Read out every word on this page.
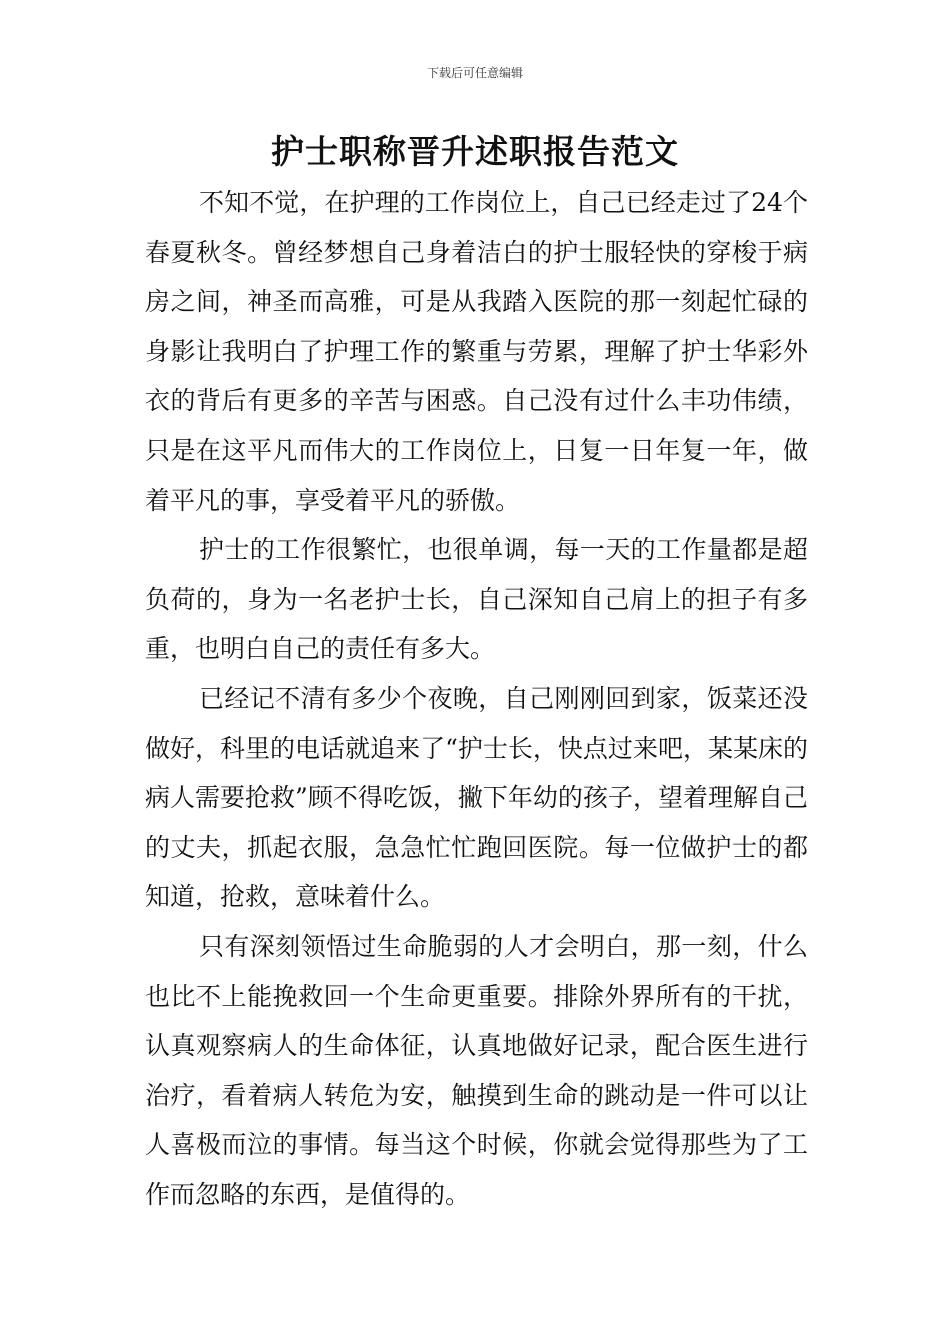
下载后可任意编辑
护士职称晋升述职报告范文

不知不觉，在护理的工作岗位上，自己已经走过了24个春夏秋冬。曾经梦想自己身着洁白的护士服轻快的穿梭于病房之间，神圣而高雅，可是从我踏入医院的那一刻起忙碌的身影让我明白了护理工作的繁重与劳累，理解了护士华彩外衣的背后有更多的辛苦与困惑。自己没有过什么丰功伟绩，只是在这平凡而伟大的工作岗位上，日复一日年复一年，做着平凡的事，享受着平凡的骄傲。

护士的工作很繁忙，也很单调，每一天的工作量都是超负荷的，身为一名老护士长，自己深知自己肩上的担子有多重，也明白自己的责任有多大。

已经记不清有多少个夜晚，自己刚刚回到家，饭菜还没做好，科里的电话就追来了“护士长，快点过来吧，某某床的病人需要抢救”顾不得吃饭，撇下年幼的孩子，望着理解自己的丈夫，抓起衣服，急急忙忙跑回医院。每一位做护士的都知道，抢救，意味着什么。

只有深刻领悟过生命脆弱的人才会明白，那一刻，什么也比不上能挽救回一个生命更重要。排除外界所有的干扰，认真观察病人的生命体征，认真地做好记录，配合医生进行治疗，看着病人转危为安，触摸到生命的跳动是一件可以让人喜极而泣的事情。每当这个时候，你就会觉得那些为了工作而忽略的东西，是值得的。
